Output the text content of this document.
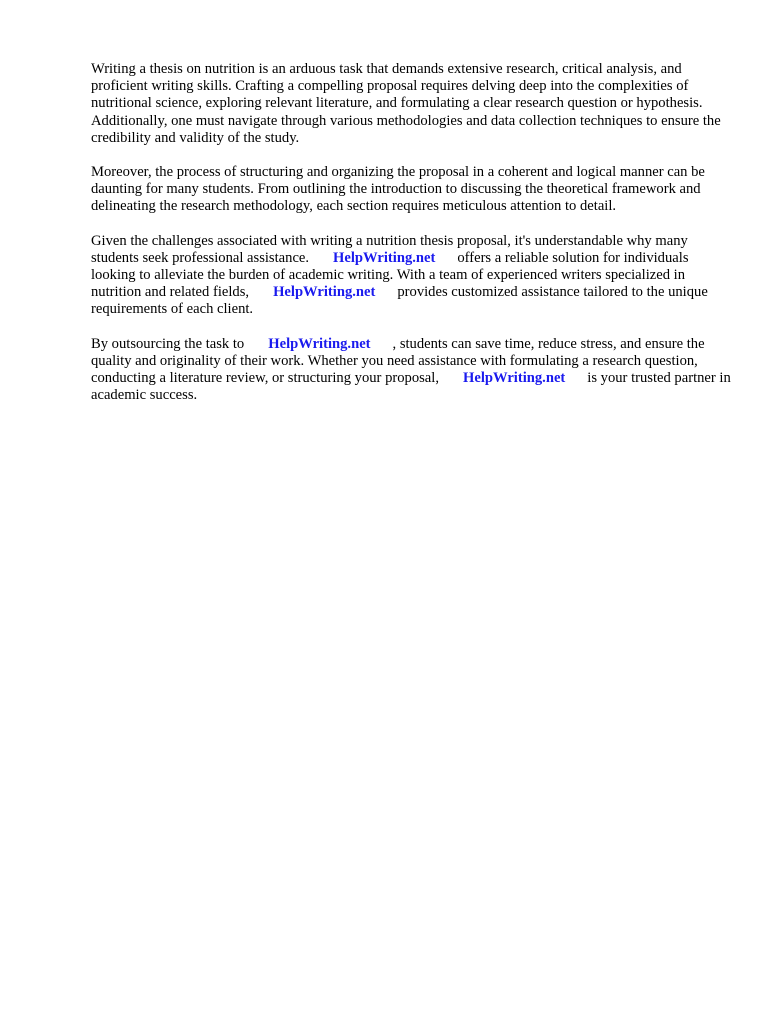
Writing a thesis on nutrition is an arduous task that demands extensive research, critical analysis, and proficient writing skills. Crafting a compelling proposal requires delving deep into the complexities of nutritional science, exploring relevant literature, and formulating a clear research question or hypothesis. Additionally, one must navigate through various methodologies and data collection techniques to ensure the credibility and validity of the study.

Moreover, the process of structuring and organizing the proposal in a coherent and logical manner can be daunting for many students. From outlining the introduction to discussing the theoretical framework and delineating the research methodology, each section requires meticulous attention to detail.

Given the challenges associated with writing a nutrition thesis proposal, it's understandable why many students seek professional assistance. HelpWriting.net offers a reliable solution for individuals looking to alleviate the burden of academic writing. With a team of experienced writers specialized in nutrition and related fields, HelpWriting.net provides customized assistance tailored to the unique requirements of each client.

By outsourcing the task to HelpWriting.net , students can save time, reduce stress, and ensure the quality and originality of their work. Whether you need assistance with formulating a research question, conducting a literature review, or structuring your proposal, HelpWriting.net is your trusted partner in academic success.
